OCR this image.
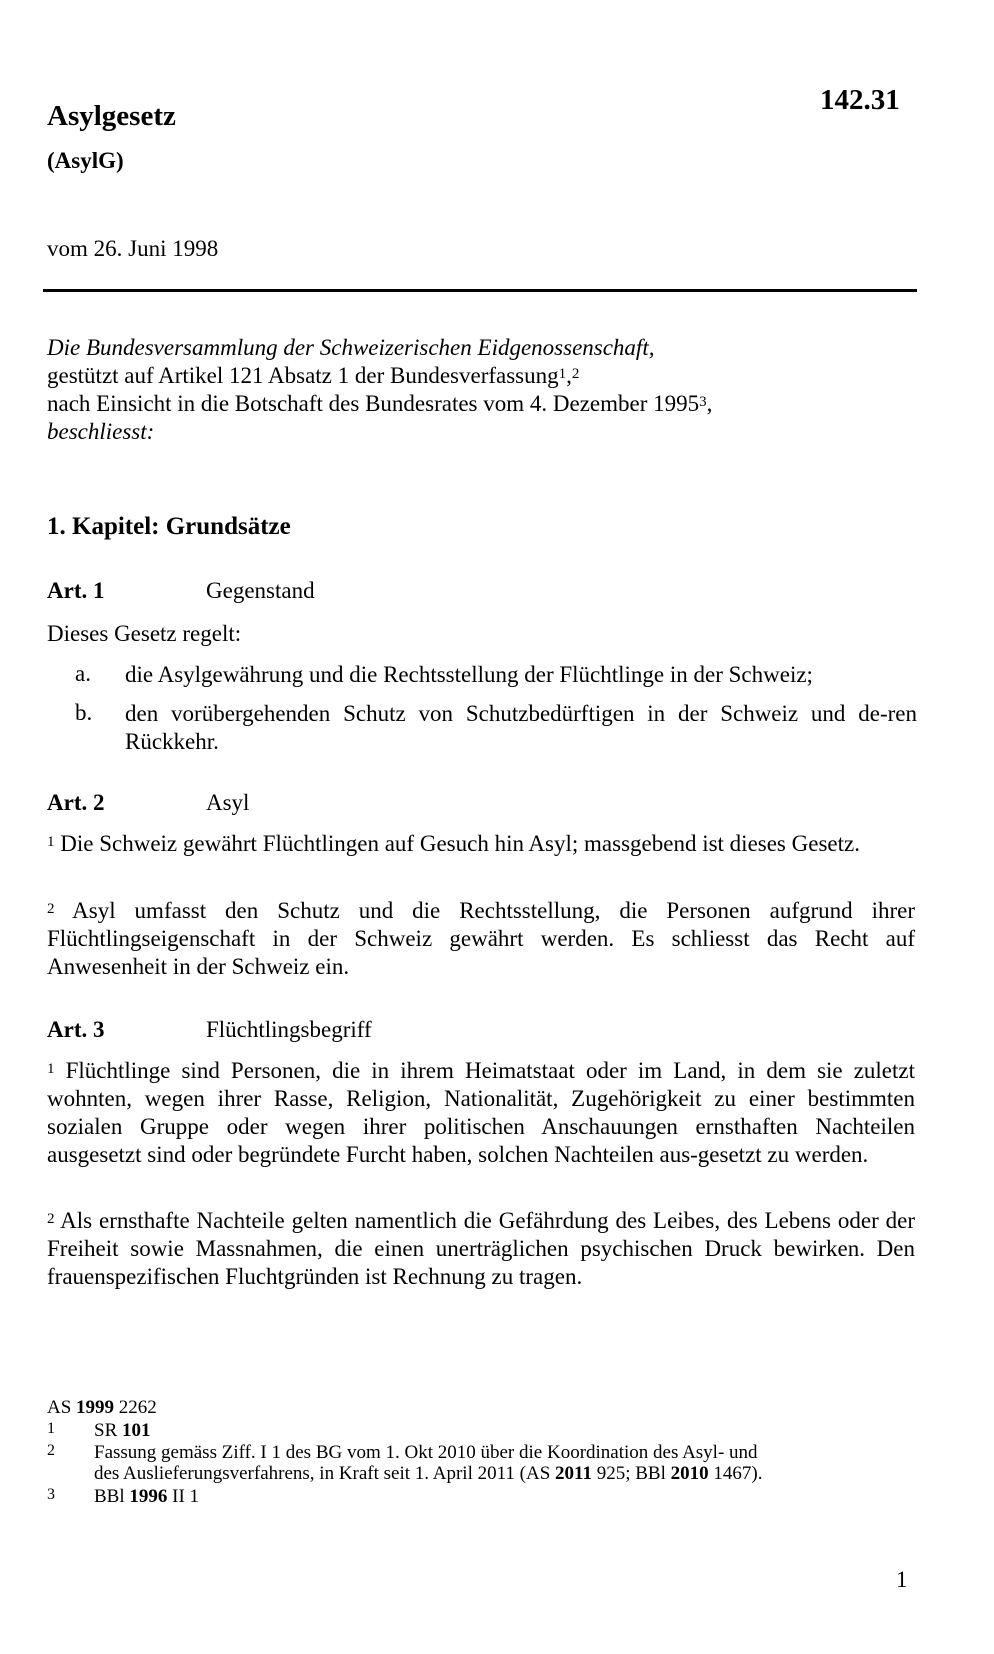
142.31
Asylgesetz
(AsylG)
vom 26. Juni 1998
Die Bundesversammlung der Schweizerischen Eidgenossenschaft,
gestützt auf Artikel 121 Absatz 1 der Bundesverfassung$^1$,$^2$
nach Einsicht in die Botschaft des Bundesrates vom 4. Dezember 1995$^3$,
beschliesst:
1. Kapitel: Grundsätze
Art. 1	Gegenstand
Dieses Gesetz regelt:
a. die Asylgewährung und die Rechtsstellung der Flüchtlinge in der Schweiz;
b. den vorübergehenden Schutz von Schutzbedürftigen in der Schweiz und de-ren Rückkehr.
Art. 2	Asyl
$^1$ Die Schweiz gewährt Flüchtlingen auf Gesuch hin Asyl; massgebend ist dieses Gesetz.
$^2$ Asyl umfasst den Schutz und die Rechtsstellung, die Personen aufgrund ihrer Flüchtlingseigenschaft in der Schweiz gewährt werden. Es schliesst das Recht auf Anwesenheit in der Schweiz ein.
Art. 3	Flüchtlingsbegriff
$^1$ Flüchtlinge sind Personen, die in ihrem Heimatstaat oder im Land, in dem sie zuletzt wohnten, wegen ihrer Rasse, Religion, Nationalität, Zugehörigkeit zu einer bestimmten sozialen Gruppe oder wegen ihrer politischen Anschauungen ernsthaften Nachteilen ausgesetzt sind oder begründete Furcht haben, solchen Nachteilen aus-gesetzt zu werden.
$^2$ Als ernsthafte Nachteile gelten namentlich die Gefährdung des Leibes, des Lebens oder der Freiheit sowie Massnahmen, die einen unerträglichen psychischen Druck bewirken. Den frauenspezifischen Fluchtgründen ist Rechnung zu tragen.
AS 1999 2262
1 SR 101
2 Fassung gemäss Ziff. I 1 des BG vom 1. Okt 2010 über die Koordination des Asyl- und
des Auslieferungsverfahrens, in Kraft seit 1. April 2011 (AS 2011 925; BBl 2010 1467).
3 BBl 1996 II 1
1
